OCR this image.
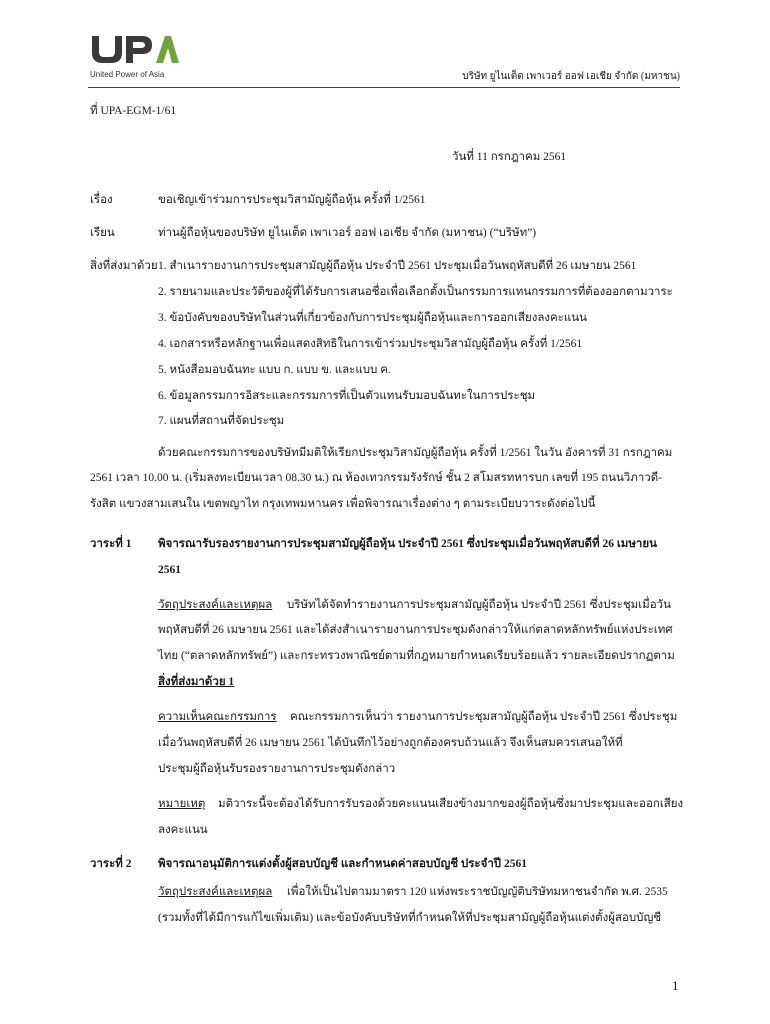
United Power of Asia	บริษัท ยูไนเต็ด เพาเวอร์ ออฟ เอเชีย จำกัด (มหาชน)
ที่ UPA-EGM-1/61
วันที่ 11 กรกฎาคม 2561
เรื่อง	ขอเชิญเข้าร่วมการประชุมวิสามัญผู้ถือหุ้น ครั้งที่ 1/2561
เรียน	ท่านผู้ถือหุ้นของบริษัท ยูไนเต็ด เพาเวอร์ ออฟ เอเชีย จำกัด (มหาชน) (“บริษัท”)
สิ่งที่ส่งมาด้วย 1. สำเนารายงานการประชุมสามัญผู้ถือหุ้น ประจำปี 2561 ประชุมเมื่อวันพฤหัสบดีที่ 26 เมษายน 2561
2. รายนามและประวัติของผู้ที่ได้รับการเสนอชื่อเพื่อเลือกตั้งเป็นกรรมการแทนกรรมการที่ต้องออกตามวาระ
3. ข้อบังคับของบริษัทในส่วนที่เกี่ยวข้องกับการประชุมผู้ถือหุ้นและการออกเสียงลงคะแนน
4. เอกสารหรือหลักฐานเพื่อแสดงสิทธิในการเข้าร่วมประชุมวิสามัญผู้ถือหุ้น ครั้งที่ 1/2561
5. หนังสือมอบฉันทะ แบบ ก. แบบ ข. และแบบ ค.
6. ข้อมูลกรรมการอิสระและกรรมการที่เป็นตัวแทนรับมอบฉันทะในการประชุม
7. แผนที่สถานที่จัดประชุม
ด้วยคณะกรรมการของบริษัทมีมติให้เรียกประชุมวิสามัญผู้ถือหุ้น ครั้งที่ 1/2561 ในวัน อังคารที่ 31 กรกฎาคม
2561 เวลา 10.00 น. (เริ่มลงทะเบียนเวลา 08.30 น.) ณ ห้องเทวกรรมรังรักษ์ ชั้น 2 สโมสรทหารบก เลขที่ 195 ถนนวิภาวดี-
รังสิต แขวงสามเสนใน เขตพญาไท กรุงเทพมหานคร เพื่อพิจารณาเรื่องต่าง ๆ ตามระเบียบวาระดังต่อไปนี้
วาระที่ 1 พิจารณารับรองรายงานการประชุมสามัญผู้ถือหุ้น ประจำปี 2561 ซึ่งประชุมเมื่อวันพฤหัสบดีที่ 26 เมษายน
2561
วัตถุประสงค์และเหตุผล บริษัทได้จัดทำรายงานการประชุมสามัญผู้ถือหุ้น ประจำปี 2561 ซึ่งประชุมเมื่อวัน
พฤหัสบดีที่ 26 เมษายน 2561 และได้ส่งสำเนารายงานการประชุมดังกล่าวให้แก่ตลาดหลักทรัพย์แห่งประเทศ
ไทย (“ตลาดหลักทรัพย์”) และกระทรวงพาณิชย์ตามที่กฎหมายกำหนดเรียบร้อยแล้ว รายละเอียดปรากฏตาม
สิ่งที่ส่งมาด้วย 1
ความเห็นคณะกรรมการ คณะกรรมการเห็นว่า รายงานการประชุมสามัญผู้ถือหุ้น ประจำปี 2561 ซึ่งประชุม
เมื่อวันพฤหัสบดีที่ 26 เมษายน 2561 ได้บันทึกไว้อย่างถูกต้องครบถ้วนแล้ว จึงเห็นสมควรเสนอให้ที่
ประชุมผู้ถือหุ้นรับรองรายงานการประชุมดังกล่าว
หมายเหตุ มติวาระนี้จะต้องได้รับการรับรองด้วยคะแนนเสียงข้างมากของผู้ถือหุ้นซึ่งมาประชุมและออกเสียง
ลงคะแนน
วาระที่ 2 พิจารณาอนุมัติการแต่งตั้งผู้สอบบัญชี และกำหนดค่าสอบบัญชี ประจำปี 2561
วัตถุประสงค์และเหตุผล เพื่อให้เป็นไปตามมาตรา 120 แห่งพระราชบัญญัติบริษัทมหาชนจำกัด พ.ศ. 2535
(รวมทั้งที่ได้มีการแก้ไขเพิ่มเติม) และข้อบังคับบริษัทที่กำหนดให้ที่ประชุมสามัญผู้ถือหุ้นแต่งตั้งผู้สอบบัญชี
1
